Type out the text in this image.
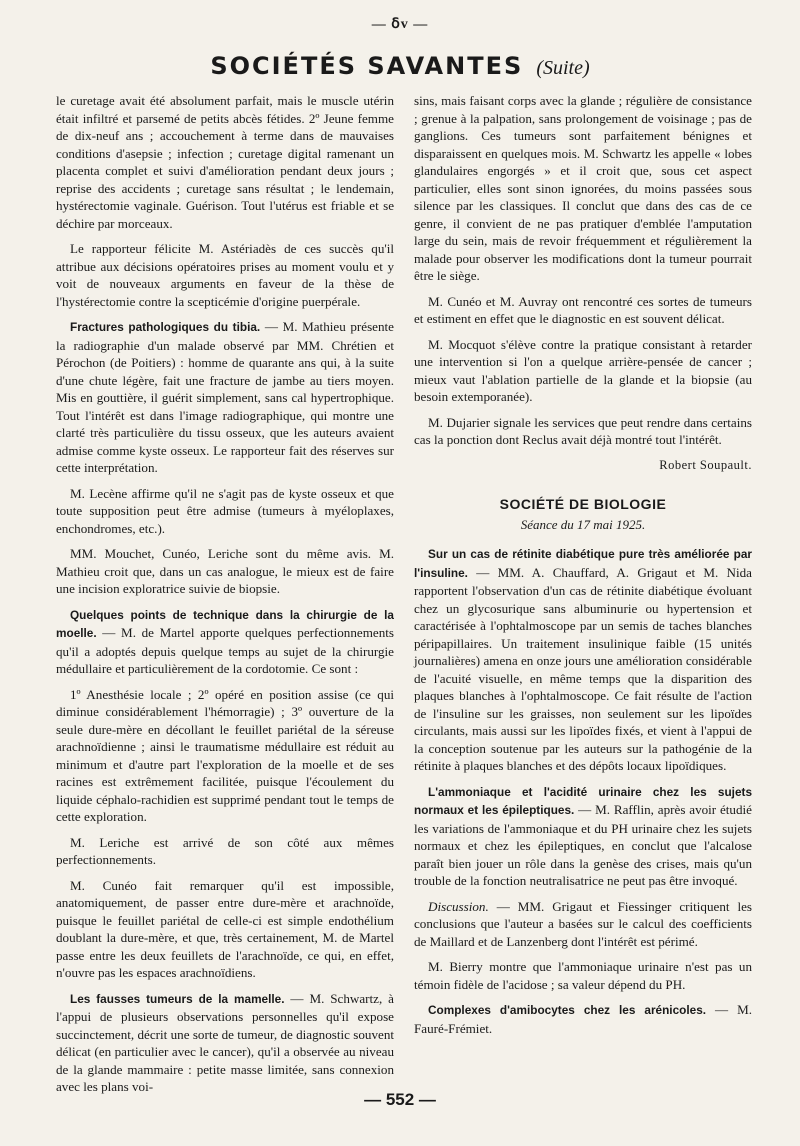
— ẟv —
SOCIÉTÉS SAVANTES (Suite)

le curetage avait été absolument parfait, mais le muscle utérin était infiltré et parsemé de petits abcès fétides. 2º Jeune femme de dix-neuf ans ; accouchement à terme dans de mauvaises conditions d'asepsie ; infection ; curetage digital ramenant un placenta complet et suivi d'amélioration pendant deux jours ; reprise des accidents ; curetage sans résultat ; le lendemain, hystérectomie vaginale. Guérison. Tout l'utérus est friable et se déchire par morceaux.

Le rapporteur félicite M. Astériadès de ces succès qu'il attribue aux décisions opératoires prises au moment voulu et y voit de nouveaux arguments en faveur de la thèse de l'hystérectomie contre la scepticémie d'origine puerpérale.

Fractures pathologiques du tibia. — M. Mathieu présente la radiographie d'un malade observé par MM. Chrétien et Pérochon (de Poitiers) : homme de quarante ans qui, à la suite d'une chute légère, fait une fracture de jambe au tiers moyen. Mis en gouttière, il guérit simplement, sans cal hypertrophique. Tout l'intérêt est dans l'image radiographique, qui montre une clarté très particulière du tissu osseux, que les auteurs avaient admise comme kyste osseux. Le rapporteur fait des réserves sur cette interprétation.

M. Lecène affirme qu'il ne s'agit pas de kyste osseux et que toute supposition peut être admise (tumeurs à myéloplaxes, enchondromes, etc.).

MM. Mouchet, Cunéo, Leriche sont du même avis. M. Mathieu croit que, dans un cas analogue, le mieux est de faire une incision exploratrice suivie de biopsie.

Quelques points de technique dans la chirurgie de la moelle. — M. de Martel apporte quelques perfectionnements qu'il a adoptés depuis quelque temps au sujet de la chirurgie médullaire et particulièrement de la cordotomie. Ce sont :

1º Anesthésie locale ; 2º opéré en position assise (ce qui diminue considérablement l'hémorragie) ; 3º ouverture de la seule dure-mère en décollant le feuillet pariétal de la séreuse arachnoïdienne ; ainsi le traumatisme médullaire est réduit au minimum et d'autre part l'exploration de la moelle et de ses racines est extrêmement facilitée, puisque l'écoulement du liquide céphalo-rachidien est supprimé pendant tout le temps de cette exploration.

M. Leriche est arrivé de son côté aux mêmes perfectionnements.

M. Cunéo fait remarquer qu'il est impossible, anatomiquement, de passer entre dure-mère et arachnoïde, puisque le feuillet pariétal de celle-ci est simple endothélium doublant la dure-mère, et que, très certainement, M. de Martel passe entre les deux feuillets de l'arachnoïde, ce qui, en effet, n'ouvre pas les espaces arachnoïdiens.

Les fausses tumeurs de la mamelle. — M. Schwartz, à l'appui de plusieurs observations personnelles qu'il expose succinctement, décrit une sorte de tumeur, de diagnostic souvent délicat (en particulier avec le cancer), qu'il a observée au niveau de la glande mammaire : petite masse limitée, sans connexion avec les plans voi-

sins, mais faisant corps avec la glande ; régulière de consistance ; grenue à la palpation, sans prolongement de voisinage ; pas de ganglions. Ces tumeurs sont parfaitement bénignes et disparaissent en quelques mois. M. Schwartz les appelle « lobes glandulaires engorgés » et il croit que, sous cet aspect particulier, elles sont sinon ignorées, du moins passées sous silence par les classiques. Il conclut que dans des cas de ce genre, il convient de ne pas pratiquer d'emblée l'amputation large du sein, mais de revoir fréquemment et régulièrement la malade pour observer les modifications dont la tumeur pourrait être le siège.

M. Cunéo et M. Auvray ont rencontré ces sortes de tumeurs et estiment en effet que le diagnostic en est souvent délicat.

M. Mocquot s'élève contre la pratique consistant à retarder une intervention si l'on a quelque arrière-pensée de cancer ; mieux vaut l'ablation partielle de la glande et la biopsie (au besoin extemporanée).

M. Dujarier signale les services que peut rendre dans certains cas la ponction dont Reclus avait déjà montré tout l'intérêt.

Robert Soupault.
SOCIÉTÉ DE BIOLOGIE
Séance du 17 mai 1925.

Sur un cas de rétinite diabétique pure très améliorée par l'insuline. — MM. A. Chauffard, A. Grigaut et M. Nida rapportent l'observation d'un cas de rétinite diabétique évoluant chez un glycosurique sans albuminurie ou hypertension et caractérisée à l'ophtalmoscope par un semis de taches blanches péripapillaires. Un traitement insulinique faible (15 unités journalières) amena en onze jours une amélioration considérable de l'acuité visuelle, en même temps que la disparition des plaques blanches à l'ophtalmoscope. Ce fait résulte de l'action de l'insuline sur les graisses, non seulement sur les lipoïdes circulants, mais aussi sur les lipoïdes fixés, et vient à l'appui de la conception soutenue par les auteurs sur la pathogénie de la rétinite à plaques blanches et des dépôts locaux lipoïdiques.

L'ammoniaque et l'acidité urinaire chez les sujets normaux et les épileptiques. — M. Rafflin, après avoir étudié les variations de l'ammoniaque et du PH urinaire chez les sujets normaux et chez les épileptiques, en conclut que l'alcalose paraît bien jouer un rôle dans la genèse des crises, mais qu'un trouble de la fonction neutralisatrice ne peut pas être invoqué.

Discussion. — MM. Grigaut et Fiessinger critiquent les conclusions que l'auteur a basées sur le calcul des coefficients de Maillard et de Lanzenberg dont l'intérêt est périmé.

M. Bierry montre que l'ammoniaque urinaire n'est pas un témoin fidèle de l'acidose ; sa valeur dépend du PH.

Complexes d'amibocytes chez les arénicoles. — M. Fauré-Frémiet.

— 552 —
